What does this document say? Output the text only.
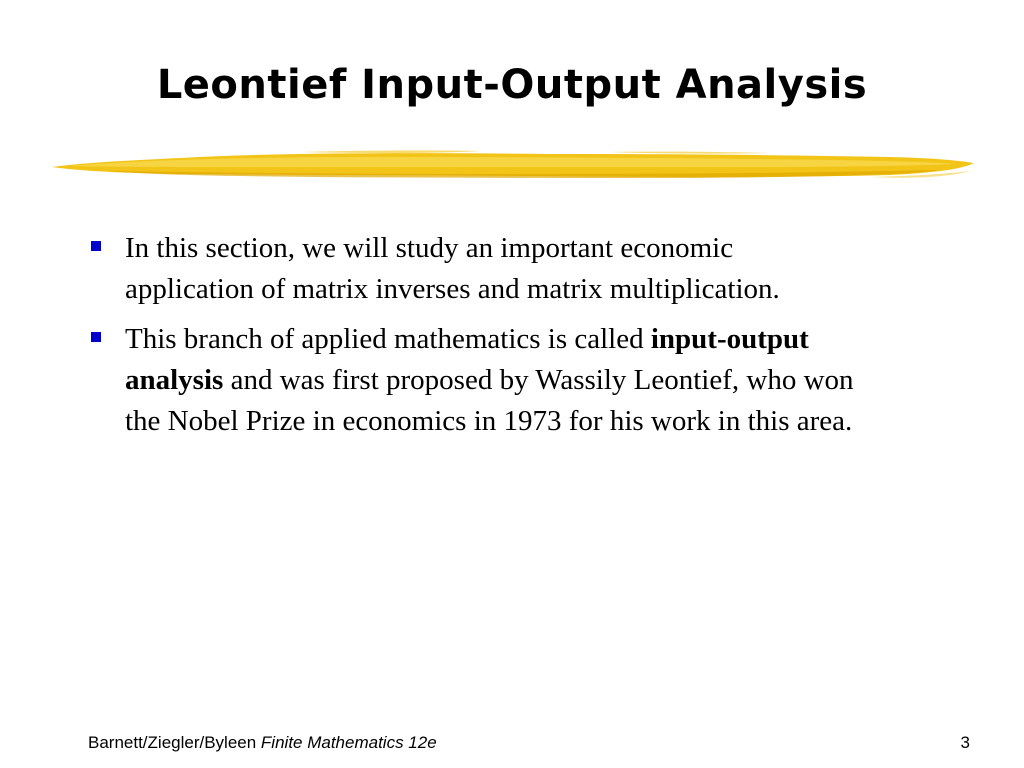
Leontief Input-Output Analysis
In this section, we will study an important economic application of matrix inverses and matrix multiplication.
This branch of applied mathematics is called input-output analysis and was first proposed by Wassily Leontief, who won the Nobel Prize in economics in 1973 for his work in this area.
Barnett/Ziegler/Byleen Finite Mathematics 12e	3
